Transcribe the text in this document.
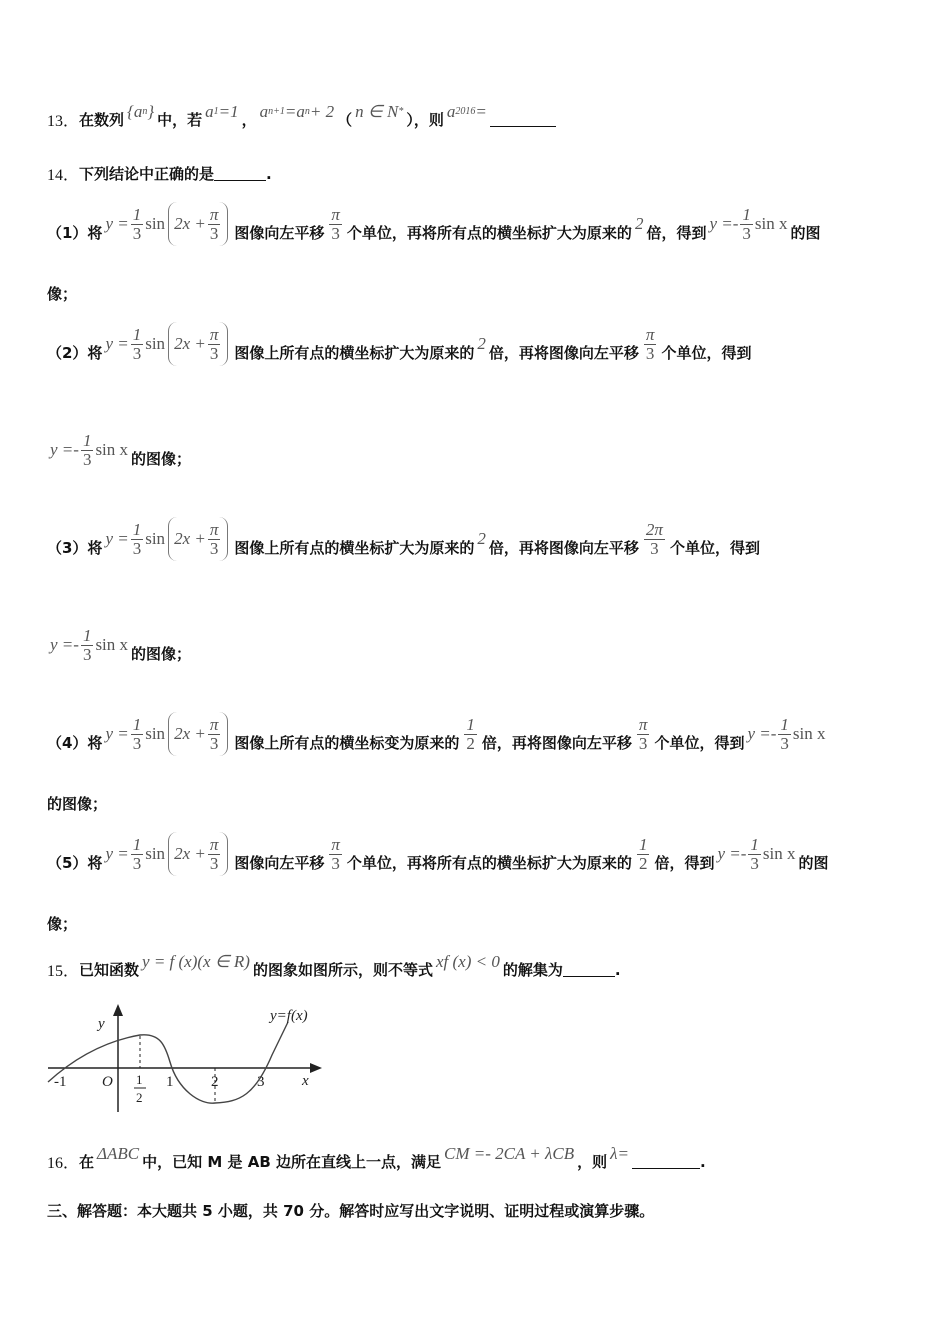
13． 在数列 {a n } 中，若 a 1 =1 ， a n+1 =a n + 2 （ n ∈ N * ），则 a 2016 =
14． 下列结论中正确的是	.
（1）将 $y = \frac{1}{3}$ $\sin 2x + \frac{\pi}{3}$ 图像向左平移 $\frac{\pi}{3}$ 个单位，再将所有点的横坐标扩大为原来的 2 倍，得到 $y =- \frac{1}{3}$ sin x 的图
像；
（2）将 $y = \frac{1}{3}$ $\sin 2x + \frac{\pi}{3}$ 图像上所有点的横坐标扩大为原来的 2 倍，再将图像向左平移 $\frac{\pi}{3}$ 个单位，得到
$y =- \frac{1}{3}$ sin x 的图像；
（3）将 $y = \frac{1}{3}$ $\sin 2x + \frac{\pi}{3}$ 图像上所有点的横坐标扩大为原来的 2 倍，再将图像向左平移 $\frac{2\pi}{3}$ 个单位，得到
$y =- \frac{1}{3}$ sin x 的图像；
（4）将 $y = \frac{1}{3}$ $\sin 2x + \frac{\pi}{3}$ 图像上所有点的横坐标变为原来的 $\frac{1}{2}$ 倍，再将图像向左平移 $\frac{\pi}{3}$ 个单位，得到 $y =- \frac{1}{3}$ sin x
的图像；
（5）将 $y = \frac{1}{3}$ $\sin 2x + \frac{\pi}{3}$ 图像向左平移 $\frac{\pi}{3}$ 个单位，再将所有点的横坐标扩大为原来的 $\frac{1}{2}$ 倍，得到 $y =- \frac{1}{3}$ sin x 的图
像；
15． 已知函数 y = f (x)(x ∈ R) 的图象如图所示，则不等式 xf (x) < 0 的解集为	.
16． 在 ΔABC 中，已知 M 是 AB 边所在直线上一点，满足 CM =- 2CA + λCB ，则 λ=	.
三、解答题：本大题共 5 小题，共 70 分。解答时应写出文字说明、证明过程或演算步骤。
y
x
O
y=f(x)
-1	1	2	3
1
2
